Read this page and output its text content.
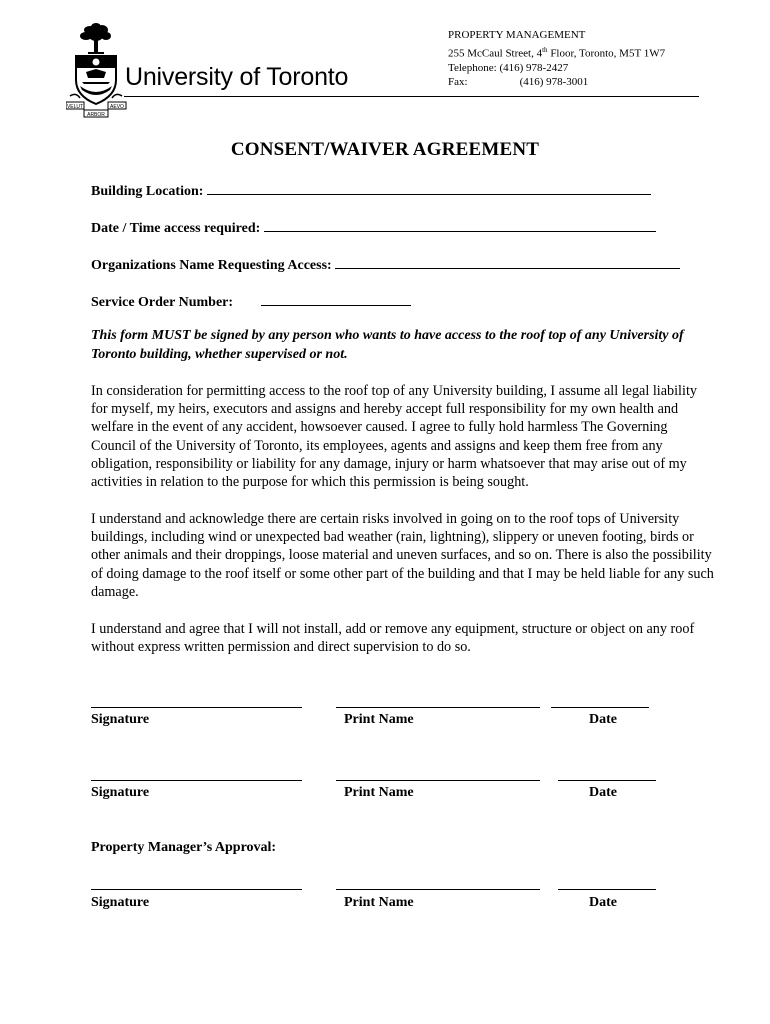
VELUT	AEVO
ARBOR
University of Toronto
PROPERTY MANAGEMENT
255 McCaul Street, 4th Floor, Toronto, M5T 1W7
Telephone: (416) 978-2427
Fax:	(416) 978-3001
CONSENT/WAIVER AGREEMENT
Building Location:
Date / Time access required:
Organizations Name Requesting Access:
Service Order Number:
This form MUST be signed by any person who wants to have access to the roof top of any University of Toronto building, whether supervised or not.
In consideration for permitting access to the roof top of any University building, I assume all legal liability for myself, my heirs, executors and assigns and hereby accept full responsibility for my own health and welfare in the event of any accident, howsoever caused. I agree to fully hold harmless The Governing Council of the University of Toronto, its employees, agents and assigns and keep them free from any obligation, responsibility or liability for any damage, injury or harm whatsoever that may arise out of my activities in relation to the purpose for which this permission is being sought.
I understand and acknowledge there are certain risks involved in going on to the roof tops of University buildings, including wind or unexpected bad weather (rain, lightning), slippery or uneven footing, birds or other animals and their droppings, loose material and uneven surfaces, and so on. There is also the possibility of doing damage to the roof itself or some other part of the building and that I may be held liable for any such damage.
I understand and agree that I will not install, add or remove any equipment, structure or object on any roof without express written permission and direct supervision to do so.
Signature	Print Name	Date
Signature	Print Name	Date
Property Manager’s Approval:
Signature	Print Name	Date
